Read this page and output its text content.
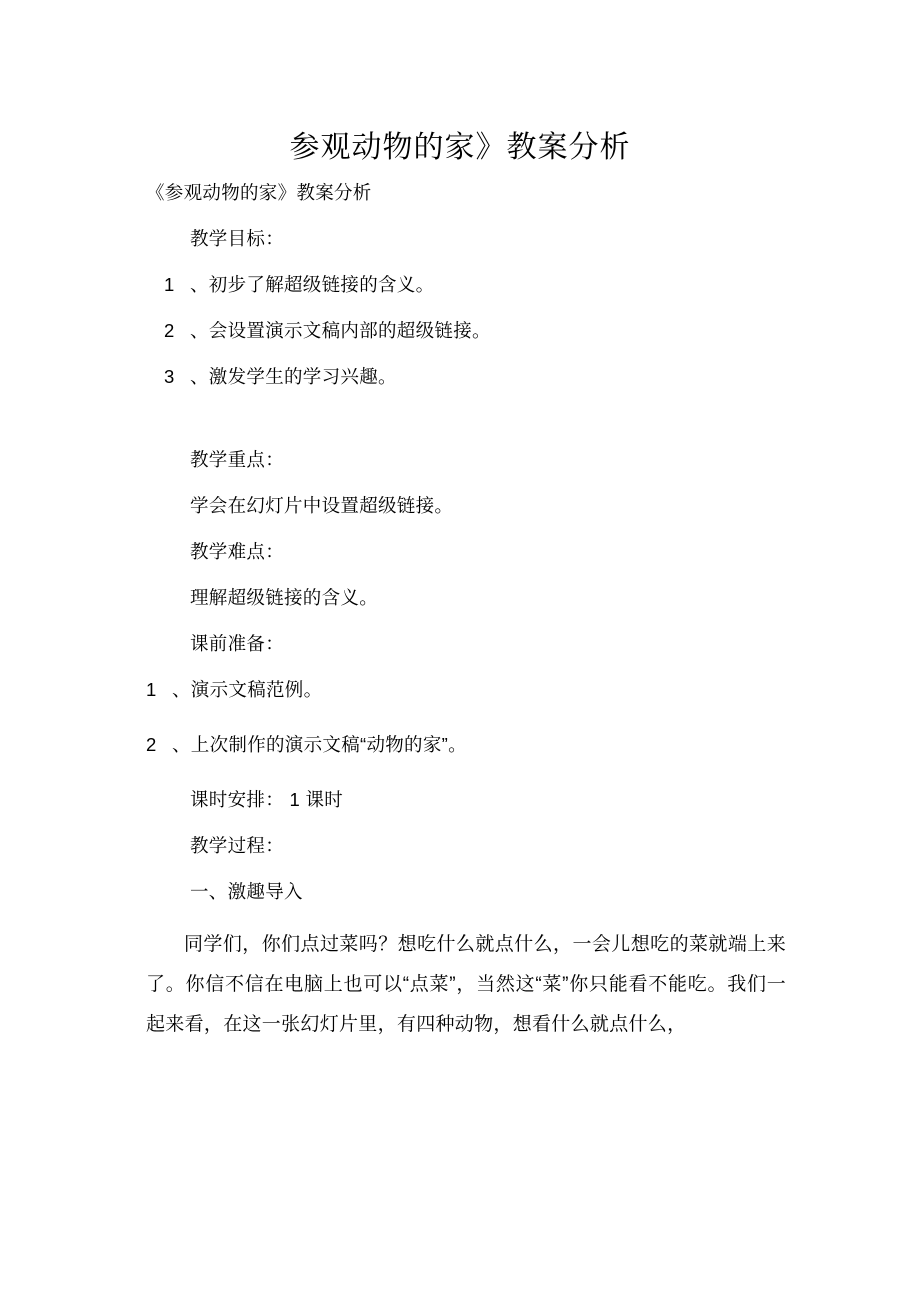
参观动物的家》教案分析

《参观动物的家》教案分析

教学目标：

1 、初步了解超级链接的含义。

2 、会设置演示文稿内部的超级链接。

3 、激发学生的学习兴趣。

教学重点：

学会在幻灯片中设置超级链接。

教学难点：

理解超级链接的含义。

课前准备：

1 、演示文稿范例。

2 、上次制作的演示文稿“动物的家”。

课时安排： 1 课时

教学过程：

一、激趣导入

同学们，你们点过菜吗？想吃什么就点什么，一会儿想吃的菜就端上来了。你信不信在电脑上也可以“点菜”，当然这“菜”你只能看不能吃。我们一起来看，在这一张幻灯片里，有四种动物，想看什么就点什么，
